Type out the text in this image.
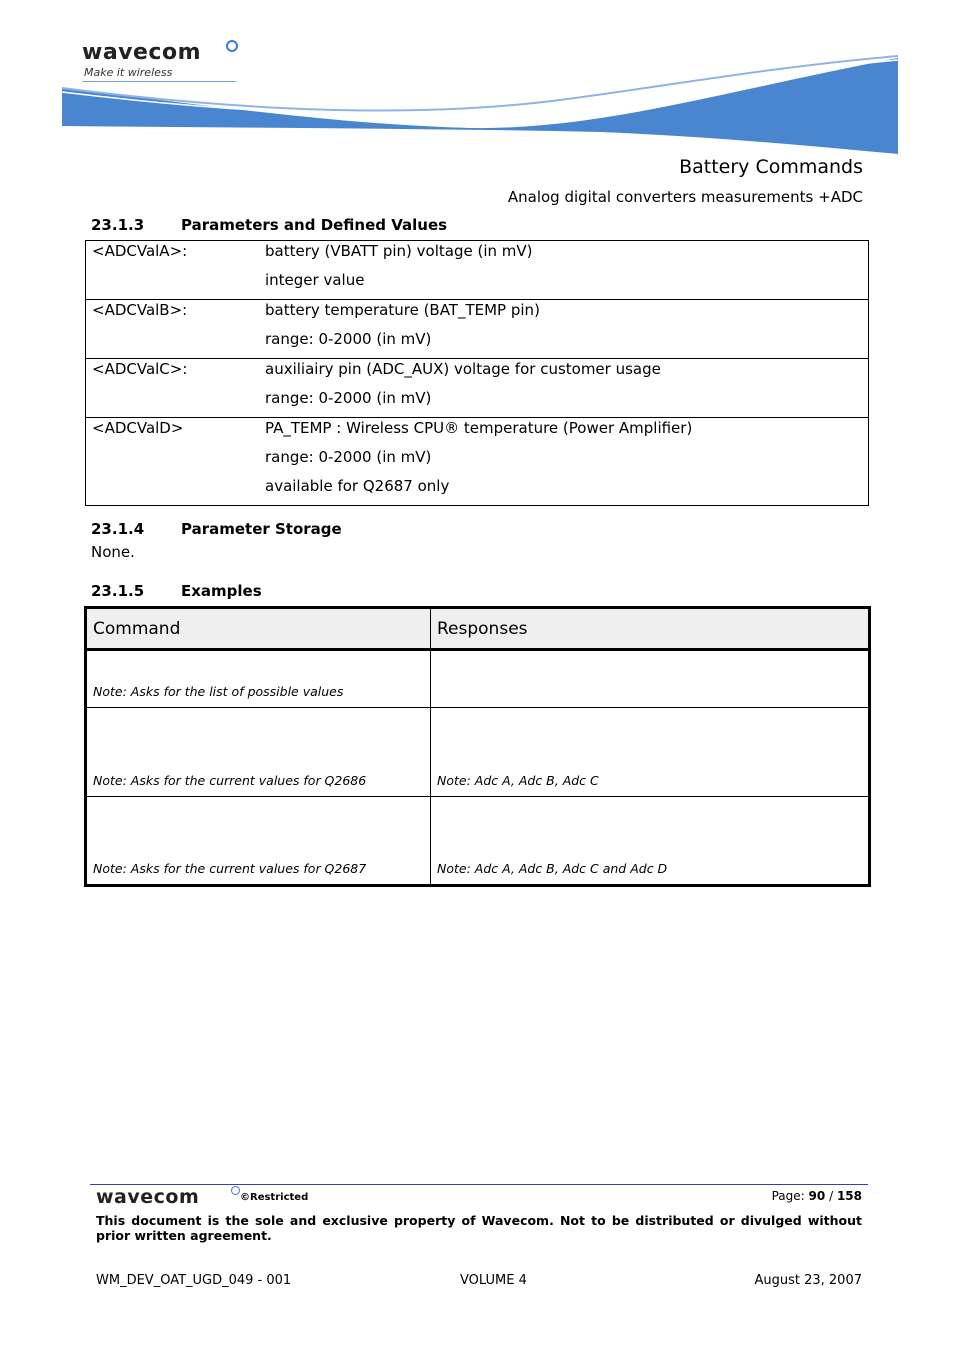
wavecom
Make it wireless
Battery Commands
Analog digital converters measurements +ADC
23.1.3 Parameters and Defined Values
<ADCValA>:	battery (VBATT pin) voltage (in mV)
integer value
<ADCValB>:	battery temperature (BAT_TEMP pin)
range: 0-2000 (in mV)
<ADCValC>:	auxiliairy pin (ADC_AUX) voltage for customer usage
range: 0-2000 (in mV)
<ADCValD>	PA_TEMP : Wireless CPU® temperature (Power Amplifier)
range: 0-2000 (in mV)
available for Q2687 only
23.1.4 Parameter Storage
None.
23.1.5 Examples
Command	Responses
Note: Asks for the list of possible values	
Note: Asks for the current values for Q2686	Note: Adc A, Adc B, Adc C
Note: Asks for the current values for Q2687	Note: Adc A, Adc B, Adc C and Adc D
wavecom	©Restricted	Page: 90 / 158
This document is the sole and exclusive property of Wavecom. Not to be distributed or divulged without prior written agreement.
WM_DEV_OAT_UGD_049 - 001	VOLUME 4	August 23, 2007
